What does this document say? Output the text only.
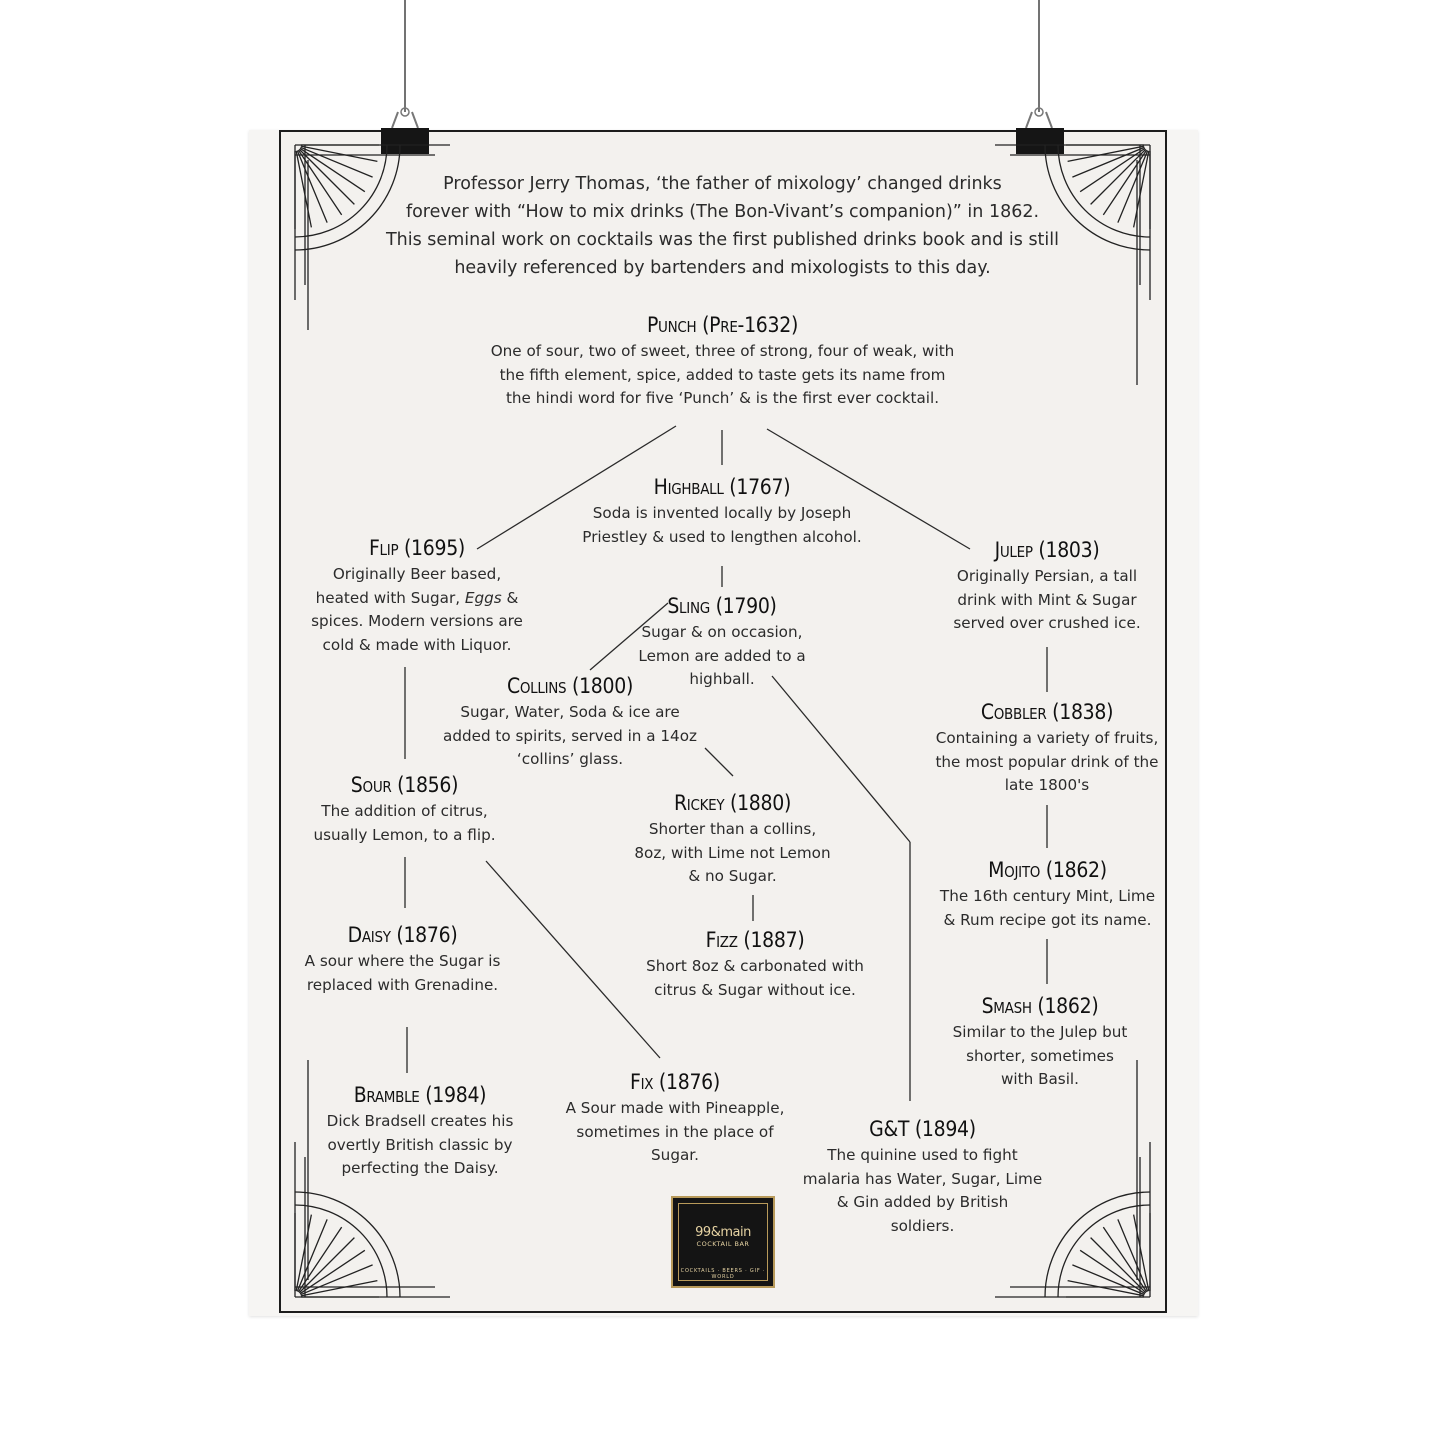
Professor Jerry Thomas, ‘the father of mixology’ changed drinks
forever with “How to mix drinks (The Bon-Vivant’s companion)” in 1862.
This seminal work on cocktails was the first published drinks book and is still
heavily referenced by bartenders and mixologists to this day.
Punch (Pre-1632)
One of sour, two of sweet, three of strong, four of weak, with
the fifth element, spice, added to taste gets its name from
the hindi word for five ‘Punch’ & is the first ever cocktail.
Highball (1767)
Soda is invented locally by Joseph
Priestley & used to lengthen alcohol.
Flip (1695)
Originally Beer based,
heated with Sugar, Eggs &
spices. Modern versions are
cold & made with Liquor.
Julep (1803)
Originally Persian, a tall
drink with Mint & Sugar
served over crushed ice.
Sling (1790)
Sugar & on occasion,
Lemon are added to a
highball.
Collins (1800)
Sugar, Water, Soda & ice are
added to spirits, served in a 14oz
‘collins’ glass.
Cobbler (1838)
Containing a variety of fruits,
the most popular drink of the
late 1800's
Sour (1856)
The addition of citrus,
usually Lemon, to a flip.
Rickey (1880)
Shorter than a collins,
8oz, with Lime not Lemon
& no Sugar.	Mojito (1862)
The 16th century Mint, Lime
& Rum recipe got its name.
Daisy (1876)
A sour where the Sugar is
replaced with Grenadine.
Fizz (1887)
Short 8oz & carbonated with
citrus & Sugar without ice.
Smash (1862)
Similar to the Julep but
shorter, sometimes
with Basil.
Bramble (1984)
Dick Bradsell creates his
overtly British classic by
perfecting the Daisy.
Fix (1876)
A Sour made with Pineapple,
sometimes in the place of
Sugar.
G&T (1894)
The quinine used to fight
malaria has Water, Sugar, Lime
& Gin added by British
soldiers.
99&main
COCKTAIL BAR
COCKTAILS · BEERS · GIF · WORLD
